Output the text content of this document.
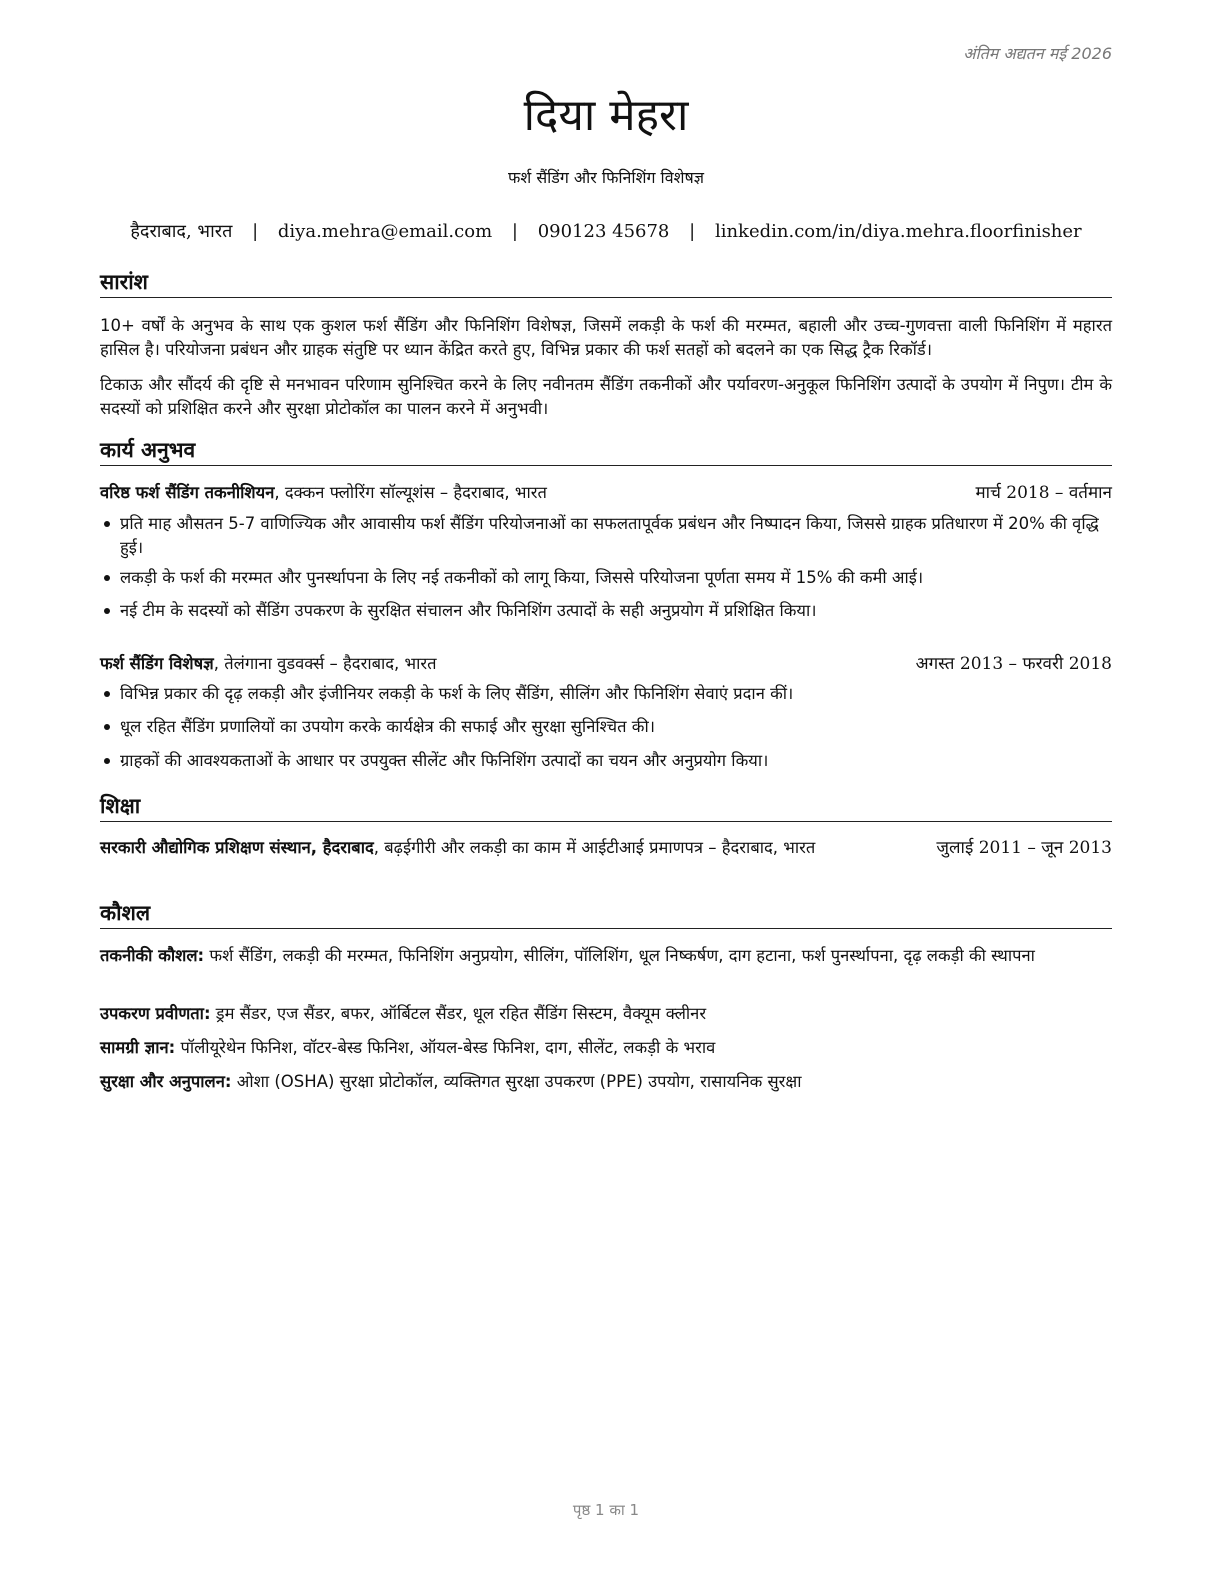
अंतिम अद्यतन मई 2026
दिया मेहरा
फर्श सैंडिंग और फिनिशिंग विशेषज्ञ
हैदराबाद, भारत | diya.mehra@email.com | 090123 45678 | linkedin.com/in/diya.mehra.floorfinisher
सारांश
10+ वर्षों के अनुभव के साथ एक कुशल फर्श सैंडिंग और फिनिशिंग विशेषज्ञ, जिसमें लकड़ी के फर्श की मरम्मत, बहाली और उच्च-गुणवत्ता वाली फिनिशिंग में महारत हासिल है। परियोजना प्रबंधन और ग्राहक संतुष्टि पर ध्यान केंद्रित करते हुए, विभिन्न प्रकार की फर्श सतहों को बदलने का एक सिद्ध ट्रैक रिकॉर्ड।
टिकाऊ और सौंदर्य की दृष्टि से मनभावन परिणाम सुनिश्चित करने के लिए नवीनतम सैंडिंग तकनीकों और पर्यावरण-अनुकूल फिनिशिंग उत्पादों के उपयोग में निपुण। टीम के सदस्यों को प्रशिक्षित करने और सुरक्षा प्रोटोकॉल का पालन करने में अनुभवी।
कार्य अनुभव
वरिष्ठ फर्श सैंडिंग तकनीशियन, दक्कन फ्लोरिंग सॉल्यूशंस – हैदराबाद, भारत	मार्च 2018 – वर्तमान
प्रति माह औसतन 5-7 वाणिज्यिक और आवासीय फर्श सैंडिंग परियोजनाओं का सफलतापूर्वक प्रबंधन और निष्पादन किया, जिससे ग्राहक प्रतिधारण में 20% की वृद्धि हुई।
लकड़ी के फर्श की मरम्मत और पुनर्स्थापना के लिए नई तकनीकों को लागू किया, जिससे परियोजना पूर्णता समय में 15% की कमी आई।
नई टीम के सदस्यों को सैंडिंग उपकरण के सुरक्षित संचालन और फिनिशिंग उत्पादों के सही अनुप्रयोग में प्रशिक्षित किया।
फर्श सैंडिंग विशेषज्ञ, तेलंगाना वुडवर्क्स – हैदराबाद, भारत	अगस्त 2013 – फरवरी 2018
विभिन्न प्रकार की दृढ़ लकड़ी और इंजीनियर लकड़ी के फर्श के लिए सैंडिंग, सीलिंग और फिनिशिंग सेवाएं प्रदान कीं।
धूल रहित सैंडिंग प्रणालियों का उपयोग करके कार्यक्षेत्र की सफाई और सुरक्षा सुनिश्चित की।
ग्राहकों की आवश्यकताओं के आधार पर उपयुक्त सीलेंट और फिनिशिंग उत्पादों का चयन और अनुप्रयोग किया।
शिक्षा
सरकारी औद्योगिक प्रशिक्षण संस्थान, हैदराबाद, बढ़ईगीरी और लकड़ी का काम में आईटीआई प्रमाणपत्र – हैदराबाद, भारत	जुलाई 2011 – जून 2013
कौशल
तकनीकी कौशल: फर्श सैंडिंग, लकड़ी की मरम्मत, फिनिशिंग अनुप्रयोग, सीलिंग, पॉलिशिंग, धूल निष्कर्षण, दाग हटाना, फर्श पुनर्स्थापना, दृढ़ लकड़ी की स्थापना
उपकरण प्रवीणता: ड्रम सैंडर, एज सैंडर, बफर, ऑर्बिटल सैंडर, धूल रहित सैंडिंग सिस्टम, वैक्यूम क्लीनर
सामग्री ज्ञान: पॉलीयूरेथेन फिनिश, वॉटर-बेस्ड फिनिश, ऑयल-बेस्ड फिनिश, दाग, सीलेंट, लकड़ी के भराव
सुरक्षा और अनुपालन: ओशा (OSHA) सुरक्षा प्रोटोकॉल, व्यक्तिगत सुरक्षा उपकरण (PPE) उपयोग, रासायनिक सुरक्षा
पृष्ठ 1 का 1
